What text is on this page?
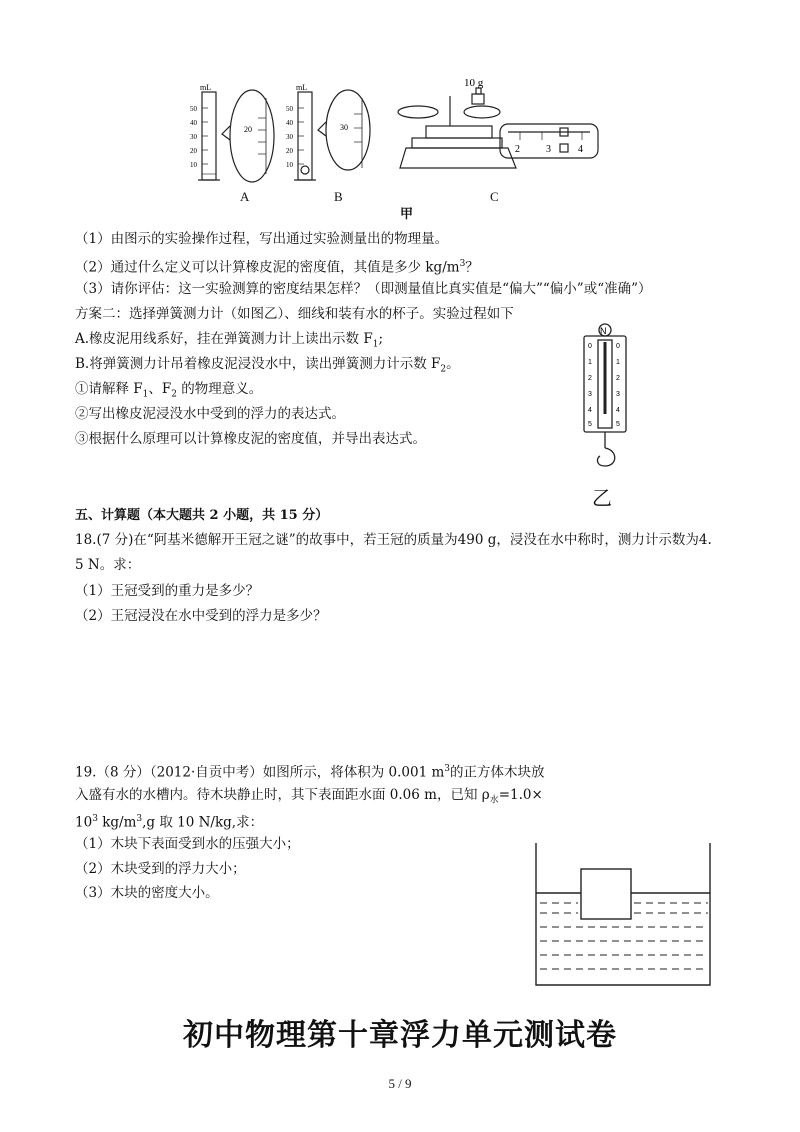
mL	mL
50
40
30
20
10
50
40
30
20
10
20	30
10 g
2	3	4
A	B	C
甲
（1）由图示的实验操作过程，写出通过实验测量出的物理量。
（2）通过什么定义可以计算橡皮泥的密度值，其值是多少 $kg/m^3$？
（3）请你评估：这一实验测算的密度结果怎样？（即测量值比真实值是“偏大”“偏小”或“准确”）
方案二：选择弹簧测力计（如图乙）、细线和装有水的杯子。实验过程如下
A.橡皮泥用线系好，挂在弹簧测力计上读出示数 $F_1$;
B.将弹簧测力计吊着橡皮泥浸没水中，读出弹簧测力计示数 $F_2$。
①请解释 $F_1$、$F_2$ 的物理意义。
②写出橡皮泥浸没水中受到的浮力的表达式。
③根据什么原理可以计算橡皮泥的密度值，并导出表达式。
N
0
1
2
3
4
5
0
1
2
3
4
5
乙
五、计算题（本大题共 2 小题，共 15 分）
18.(7 分)在“阿基米德解开王冠之谜”的故事中，若王冠的质量为490 g，浸没在水中称时，测力计示数为4.
5 N。求：
（1）王冠受到的重力是多少？
（2）王冠浸没在水中受到的浮力是多少？
19.（8 分）（2012·自贡中考）如图所示，将体积为 0.001 $m^3$的正方体木块放
入盛有水的水槽内。待木块静止时，其下表面距水面 0.06 m，已知 $\rho_水=1.0\times$
$10^3$ $kg/m^3,g$ 取 10 N/kg,求：
（1）木块下表面受到水的压强大小；
（2）木块受到的浮力大小；
（3）木块的密度大小。
初中物理第十章浮力单元测试卷
5 / 9
